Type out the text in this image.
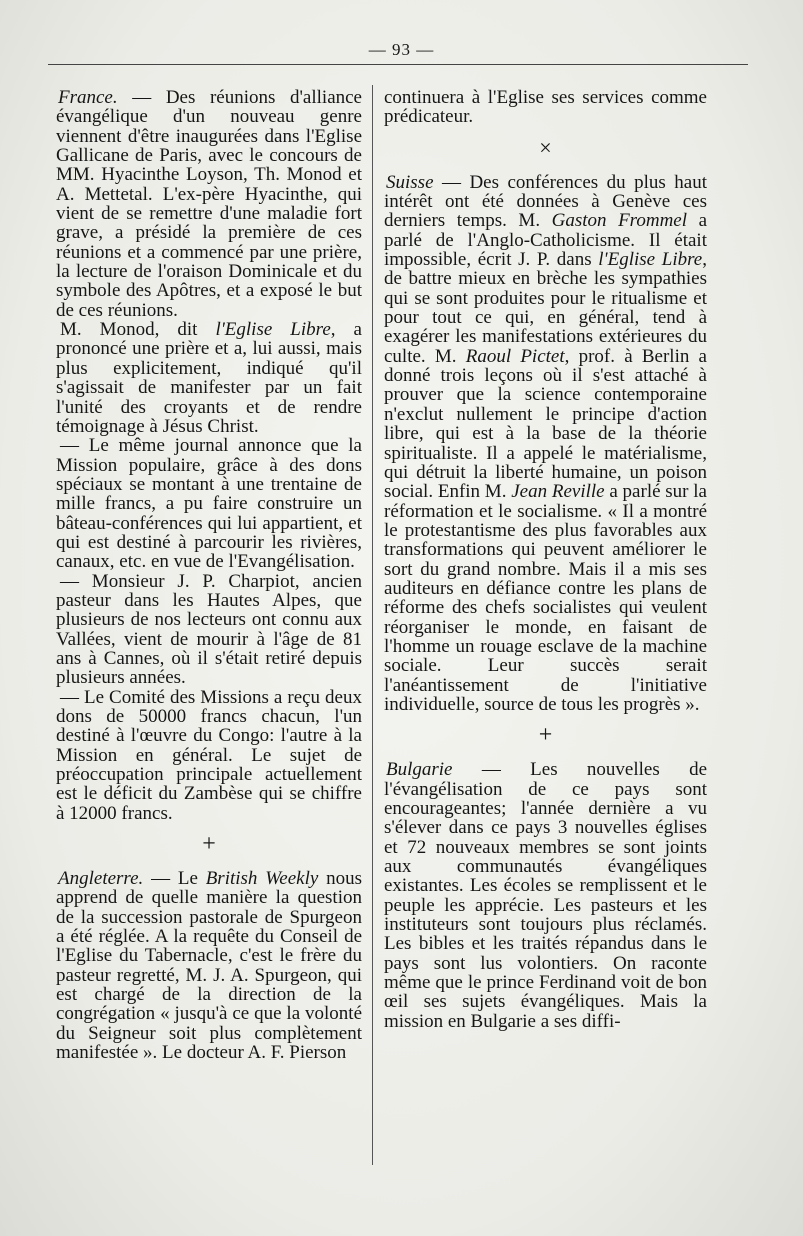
— 93 —

France. — Des réunions d'alliance évangélique d'un nouveau genre viennent d'être inaugurées dans l'Eglise Gallicane de Paris, avec le concours de MM. Hyacinthe Loyson, Th. Monod et A. Mettetal. L'ex-père Hyacinthe, qui vient de se remettre d'une maladie fort grave, a présidé la première de ces réunions et a commencé par une prière, la lecture de l'oraison Dominicale et du symbole des Apôtres, et a exposé le but de ces réunions.

M. Monod, dit l'Eglise Libre, a prononcé une prière et a, lui aussi, mais plus explicitement, indiqué qu'il s'agissait de manifester par un fait l'unité des croyants et de rendre témoignage à Jésus Christ.

— Le même journal annonce que la Mission populaire, grâce à des dons spéciaux se montant à une trentaine de mille francs, a pu faire construire un bâteau-conférences qui lui appartient, et qui est destiné à parcourir les rivières, canaux, etc. en vue de l'Evangélisation.

— Monsieur J. P. Charpiot, ancien pasteur dans les Hautes Alpes, que plusieurs de nos lecteurs ont connu aux Vallées, vient de mourir à l'âge de 81 ans à Cannes, où il s'était retiré depuis plusieurs années.

— Le Comité des Missions a reçu deux dons de 50000 francs chacun, l'un destiné à l'œuvre du Congo: l'autre à la Mission en général. Le sujet de préoccupation principale actuellement est le déficit du Zambèse qui se chiffre à 12000 francs.

+

Angleterre. — Le British Weekly nous apprend de quelle manière la question de la succession pastorale de Spurgeon a été réglée. A la requête du Conseil de l'Eglise du Tabernacle, c'est le frère du pasteur regretté, M. J. A. Spurgeon, qui est chargé de la direction de la congrégation « jusqu'à ce que la volonté du Seigneur soit plus complètement manifestée ». Le docteur A. F. Pierson

continuera à l'Eglise ses services comme prédicateur.

×

Suisse — Des conférences du plus haut intérêt ont été données à Genève ces derniers temps. M. Gaston Frommel a parlé de l'Anglo-Catholicisme. Il était impossible, écrit J. P. dans l'Eglise Libre, de battre mieux en brèche les sympathies qui se sont produites pour le ritualisme et pour tout ce qui, en général, tend à exagérer les manifestations extérieures du culte. M. Raoul Pictet, prof. à Berlin a donné trois leçons où il s'est attaché à prouver que la science contemporaine n'exclut nullement le principe d'action libre, qui est à la base de la théorie spiritualiste. Il a appelé le matérialisme, qui détruit la liberté humaine, un poison social. Enfin M. Jean Reville a parlé sur la réformation et le socialisme. « Il a montré le protestantisme des plus favorables aux transformations qui peuvent améliorer le sort du grand nombre. Mais il a mis ses auditeurs en défiance contre les plans de réforme des chefs socialistes qui veulent réorganiser le monde, en faisant de l'homme un rouage esclave de la machine sociale. Leur succès serait l'anéantissement de l'initiative individuelle, source de tous les progrès ».

+

Bulgarie — Les nouvelles de l'évangélisation de ce pays sont encourageantes; l'année dernière a vu s'élever dans ce pays 3 nouvelles églises et 72 nouveaux membres se sont joints aux communautés évangéliques existantes. Les écoles se remplissent et le peuple les apprécie. Les pasteurs et les instituteurs sont toujours plus réclamés. Les bibles et les traités répandus dans le pays sont lus volontiers. On raconte même que le prince Ferdinand voit de bon œil ses sujets évangéliques. Mais la mission en Bulgarie a ses diffi-
